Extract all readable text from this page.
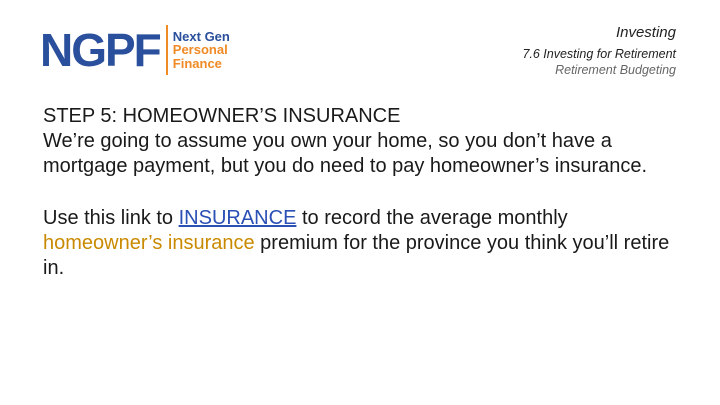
NGPF Next Gen
Personal
Finance
Investing
7.6 Investing for Retirement
Retirement Budgeting

STEP 5: HOMEOWNER’S INSURANCE

We’re going to assume you own your home, so you don’t have a mortgage payment, but you do need to pay homeowner’s insurance.

Use this link to INSURANCE to record the average monthly homeowner’s insurance premium for the province you think you’ll retire in.
